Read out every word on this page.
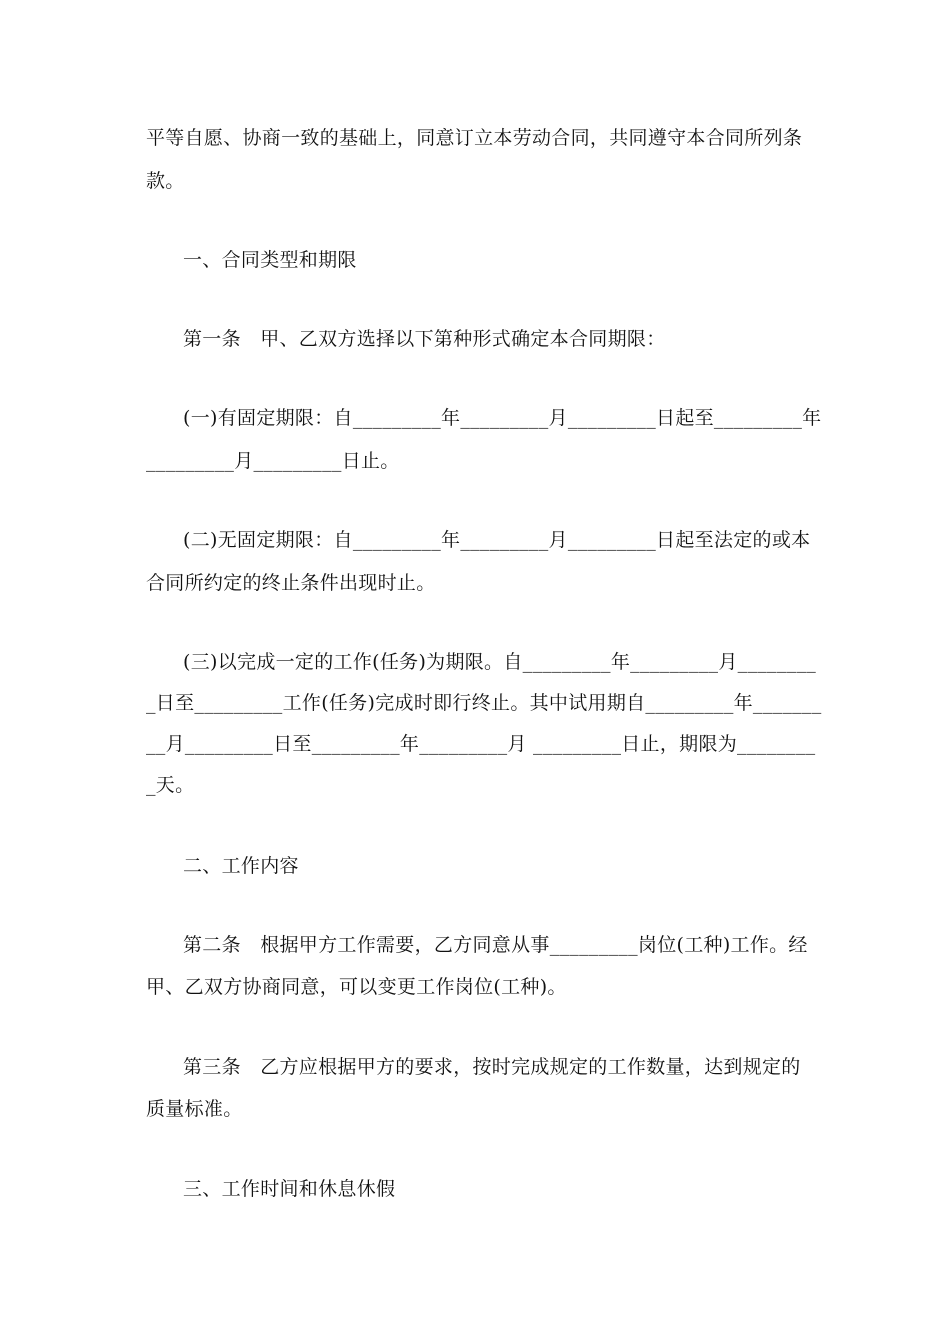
平等自愿、协商一致的基础上，同意订立本劳动合同，共同遵守本合同所列条
款。
一、合同类型和期限
第一条　甲、乙双方选择以下第种形式确定本合同期限：
(一)有固定期限：自_________年_________月_________日起至_________年
_________月_________日止。
(二)无固定期限：自_________年_________月_________日起至法定的或本
合同所约定的终止条件出现时止。
(三)以完成一定的工作(任务)为期限。自_________年_________月________
_日至_________工作(任务)完成时即行终止。其中试用期自_________年_______
__月_________日至_________年_________月 _________日止，期限为________
_天。
二、工作内容
第二条　根据甲方工作需要，乙方同意从事_________岗位(工种)工作。经
甲、乙双方协商同意，可以变更工作岗位(工种)。
第三条　乙方应根据甲方的要求，按时完成规定的工作数量，达到规定的
质量标准。
三、工作时间和休息休假
